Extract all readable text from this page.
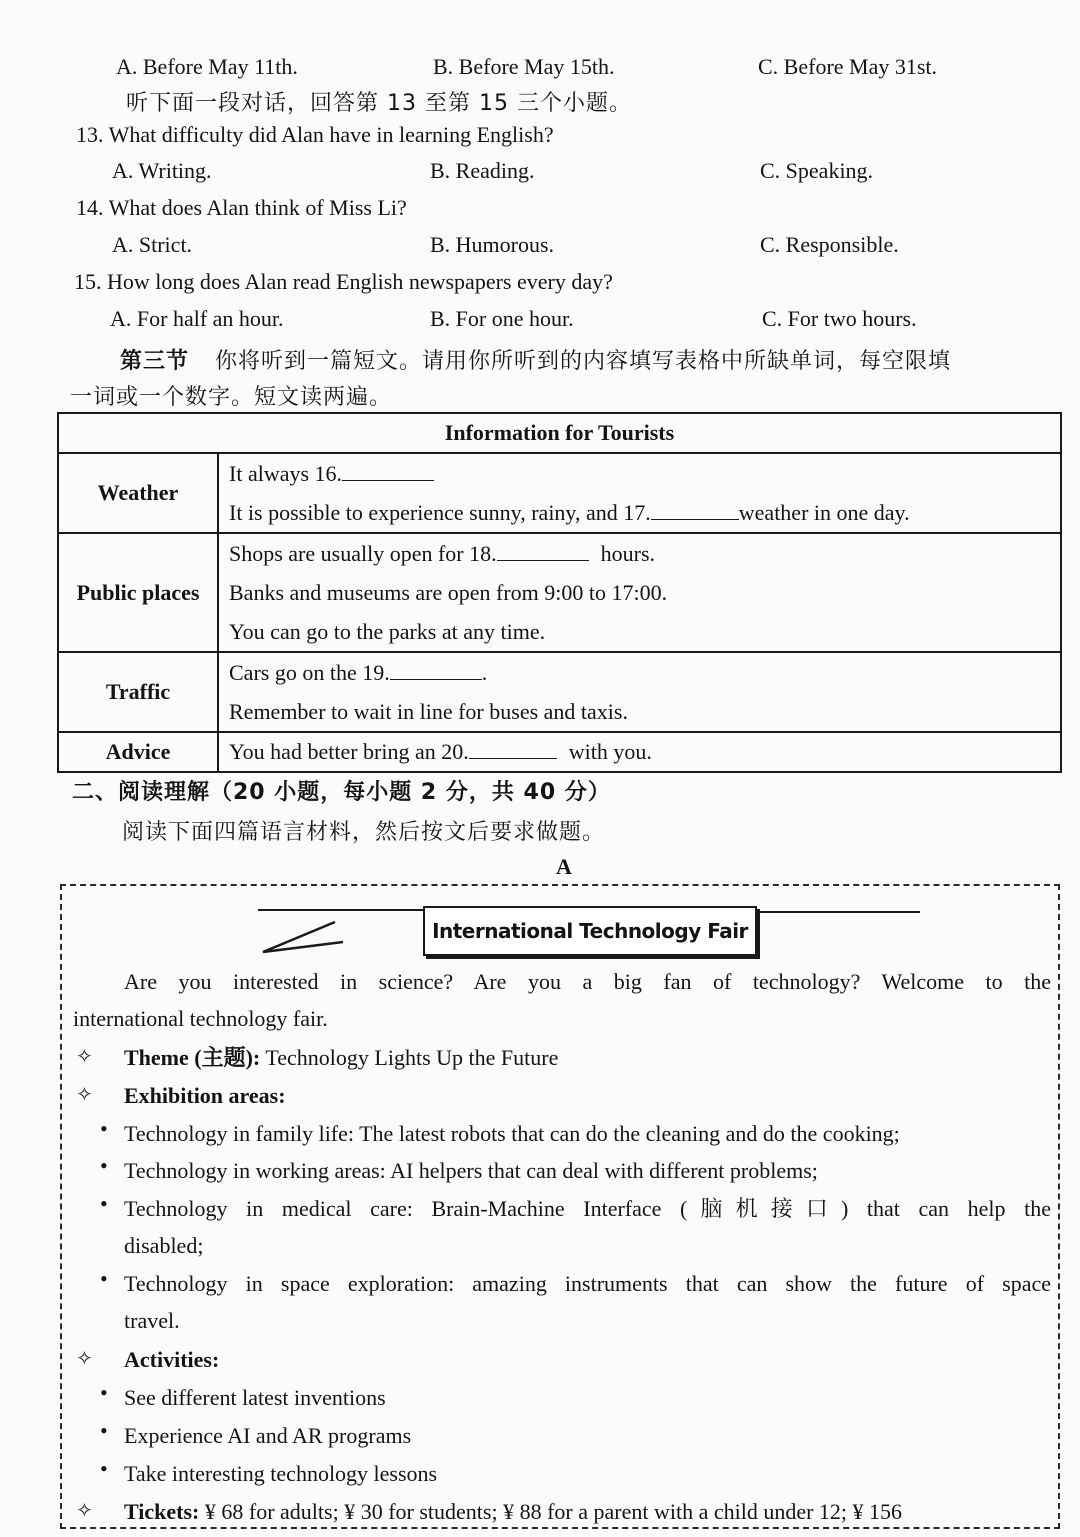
A. Before May 11th.	B. Before May 15th.	C. Before May 31st.
听下面一段对话，回答第 13 至第 15 三个小题。
13. What difficulty did Alan have in learning English?
A. Writing.	B. Reading.	C. Speaking.
14. What does Alan think of Miss Li?
A. Strict.	B. Humorous.	C. Responsible.
15. How long does Alan read English newspapers every day?
A. For half an hour.	B. For one hour.	C. For two hours.
第三节 你将听到一篇短文。请用你所听到的内容填写表格中所缺单词，每空限填
一词或一个数字。短文读两遍。
Information for Tourists	
Weather	It always 16.
It is possible to experience sunny, rainy, and 17. weather in one day.

Public places	Shops are usually open for 18. hours.
Banks and museums are open from 9:00 to 17:00.
You can go to the parks at any time.

Traffic	Cars go on the 19. .
Remember to wait in line for buses and taxis.

Advice	You had better bring an 20. with you.
二、阅读理解（20 小题，每小题 2 分，共 40 分）
阅读下面四篇语言材料，然后按文后要求做题。
A
International Technology Fair
Are you interested in science? Are you a big fan of technology? Welcome to the
international technology fair.
✧ Theme (主题): Technology Lights Up the Future
✧ Exhibition areas:
• Technology in family life: The latest robots that can do the cleaning and do the cooking;
• Technology in working areas: AI helpers that can deal with different problems;
• Technology in medical care: Brain-Machine Interface (脑机接口) that can help the
disabled;
• Technology in space exploration: amazing instruments that can show the future of space
travel.
✧ Activities:
• See different latest inventions
• Experience AI and AR programs
• Take interesting technology lessons
✧ Tickets: ¥ 68 for adults; ¥ 30 for students; ¥ 88 for a parent with a child under 12; ¥ 156
